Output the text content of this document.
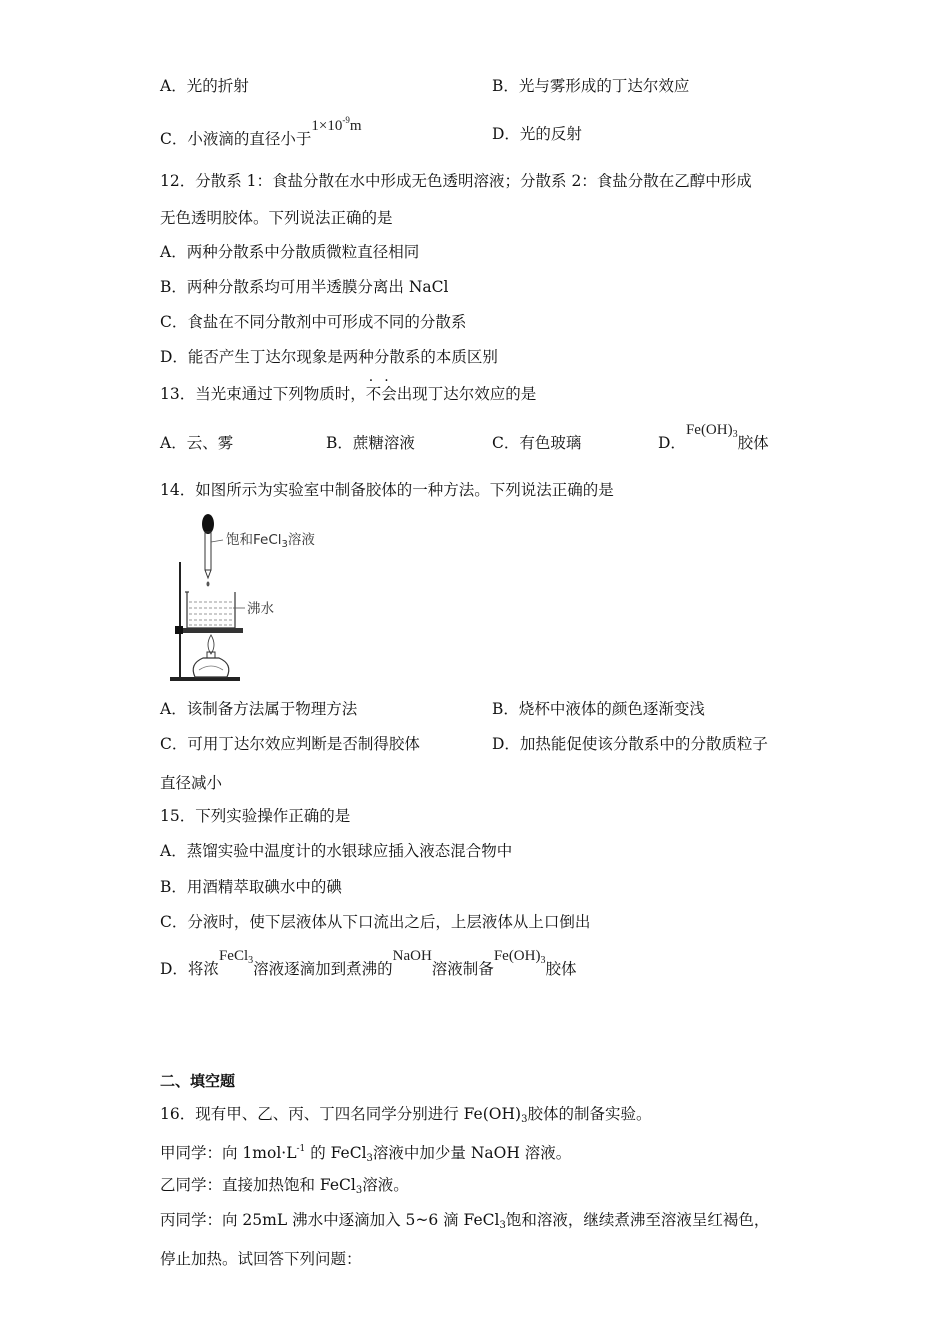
A．光的折射	B．光与雾形成的丁达尔效应
C．小液滴的直径小于$1\times 10^{-9}m$	D．光的反射
12．分散系 1：食盐分散在水中形成无色透明溶液；分散系 2：食盐分散在乙醇中形成
无色透明胶体。下列说法正确的是
A．两种分散系中分散质微粒直径相同
B．两种分散系均可用半透膜分离出 NaCl
C．食盐在不同分散剂中可形成不同的分散系
D．能否产生丁达尔现象是两种分散系的本质区别
13．当光束通过下列物质时，不会出现丁达尔效应的是
A．云、雾	B．蔗糖溶液	C．有色玻璃	D．$Fe(OH)_3$胶体
14．如图所示为实验室中制备胶体的一种方法。下列说法正确的是
饱和FeCl$_3$溶液
沸水
A．该制备方法属于物理方法	B．烧杯中液体的颜色逐渐变浅
C．可用丁达尔效应判断是否制得胶体	D．加热能促使该分散系中的分散质粒子
直径减小
15．下列实验操作正确的是
A．蒸馏实验中温度计的水银球应插入液态混合物中
B．用酒精萃取碘水中的碘
C．分液时，使下层液体从下口流出之后，上层液体从上口倒出
D．将浓FeCl$_3$溶液逐滴加到煮沸的NaOH溶液制备$Fe(OH)_3$胶体
二、填空题
16．现有甲、乙、丙、丁四名同学分别进行 $Fe(OH)_3$胶体的制备实验。
甲同学：向 $1mol\cdot L^{-1}$ 的 FeCl$_3$溶液中加少量 NaOH 溶液。
乙同学：直接加热饱和 FeCl$_3$溶液。
丙同学：向 25mL 沸水中逐滴加入 5~6 滴 FeCl$_3$饱和溶液，继续煮沸至溶液呈红褐色，
停止加热。试回答下列问题：
